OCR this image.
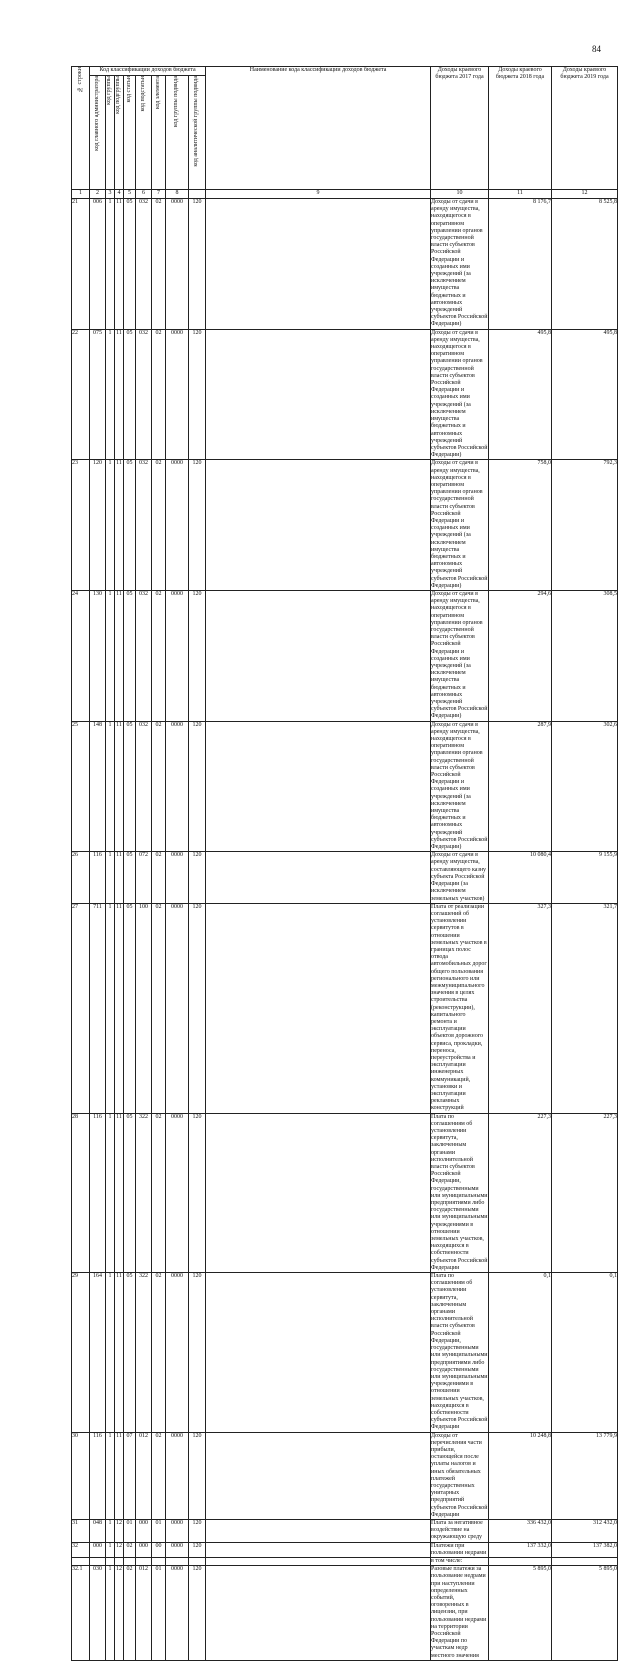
84
№ строки	Код классификации доходов бюджета								Наименование кода классификации доходов бюджета	Доходы краевого бюджета 2017 года	Доходы краевого бюджета 2018 года	Доходы краевого бюджета 2019 года	

	код главного администратора	код группы	код подгруппы	код статьи	код подстатьи	код элемента	код группы подвида	код аналитической группы подвида					

1	2	3	4	5	6	7	8		9	10	11	12	
21	006	1	11	05	032	02	0000	120		Доходы от сдачи в аренду имущества, находящегося в оперативном управлении органов государственной власти субъектов Российской Федерации и созданных ими учреждений (за исключением имущества бюджетных и автономных учреждений субъектов Российской Федерации)	8 176,7	8 525,8	
22	075	1	11	05	032	02	0000	120		Доходы от сдачи в аренду имущества, находящегося в оперативном управлении органов государственной власти субъектов Российской Федерации и созданных ими учреждений (за исключением имущества бюджетных и автономных учреждений субъектов Российской Федерации)	495,8	495,8	
23	120	1	11	05	032	02	0000	120		Доходы от сдачи в аренду имущества, находящегося в оперативном управлении органов государственной власти субъектов Российской Федерации и созданных ими учреждений (за исключением имущества бюджетных и автономных учреждений субъектов Российской Федерации)	758,0	792,3	
24	130	1	11	05	032	02	0000	120		Доходы от сдачи в аренду имущества, находящегося в оперативном управлении органов государственной власти субъектов Российской Федерации и созданных ими учреждений (за исключением имущества бюджетных и автономных учреждений субъектов Российской Федерации)	294,6	308,5	
25	148	1	11	05	032	02	0000	120		Доходы от сдачи в аренду имущества, находящегося в оперативном управлении органов государственной власти субъектов Российской Федерации и созданных ими учреждений (за исключением имущества бюджетных и автономных учреждений субъектов Российской Федерации)	287,9	302,6	
26	116	1	11	05	072	02	0000	120		Доходы от сдачи в аренду имущества, составляющего казну субъекта Российской Федерации (за исключением земельных участков)	10 080,4	9 155,9	
27	711	1	11	05	100	02	0000	120		Плата от реализации соглашений об установлении сервитутов в отношении земельных участков в границах полос отвода автомобильных дорог общего пользования регионального или межмуниципального значения в целях строительства (реконструкции), капитального ремонта и эксплуатации объектов дорожного сервиса, прокладки, переноса, переустройства и эксплуатации инженерных коммуникаций, установки и эксплуатации рекламных конструкций	327,3	321,7	
28	116	1	11	05	322	02	0000	120		Плата по соглашениям об установлении сервитута, заключенным органами исполнительной власти субъектов Российской Федерации, государственными или муниципальными предприятиями либо государственными или муниципальными учреждениями в отношении земельных участков, находящихся в собственности субъектов Российской Федерации	227,3	227,3	
29	164	1	11	05	322	02	0000	120		Плата по соглашениям об установлении сервитута, заключенным органами исполнительной власти субъектов Российской Федерации, государственными или муниципальными предприятиями либо государственными или муниципальными учреждениями в отношении земельных участков, находящихся в собственности субъектов Российской Федерации	0,1	0,1	
30	116	1	11	07	012	02	0000	120		Доходы от перечисления части прибыли, остающейся после уплаты налогов и иных обязательных платежей государственных унитарных предприятий субъектов Российской Федерации	10 248,8	13 779,9	
31	048	1	12	01	000	01	0000	120		Плата за негативное воздействие на окружающую среду	336 432,0	312 432,0	
32	000	1	12	02	000	00	0000	120		Платежи при пользовании недрами	137 332,0	137 382,0	
										в том числе:			
32.1	030	1	12	02	012	01	0000	120		Разовые платежи за пользование недрами при наступлении определенных событий, оговоренных в лицензии, при пользовании недрами на территории Российской Федерации по участкам недр местного значения	5 895,0	5 895,0	
